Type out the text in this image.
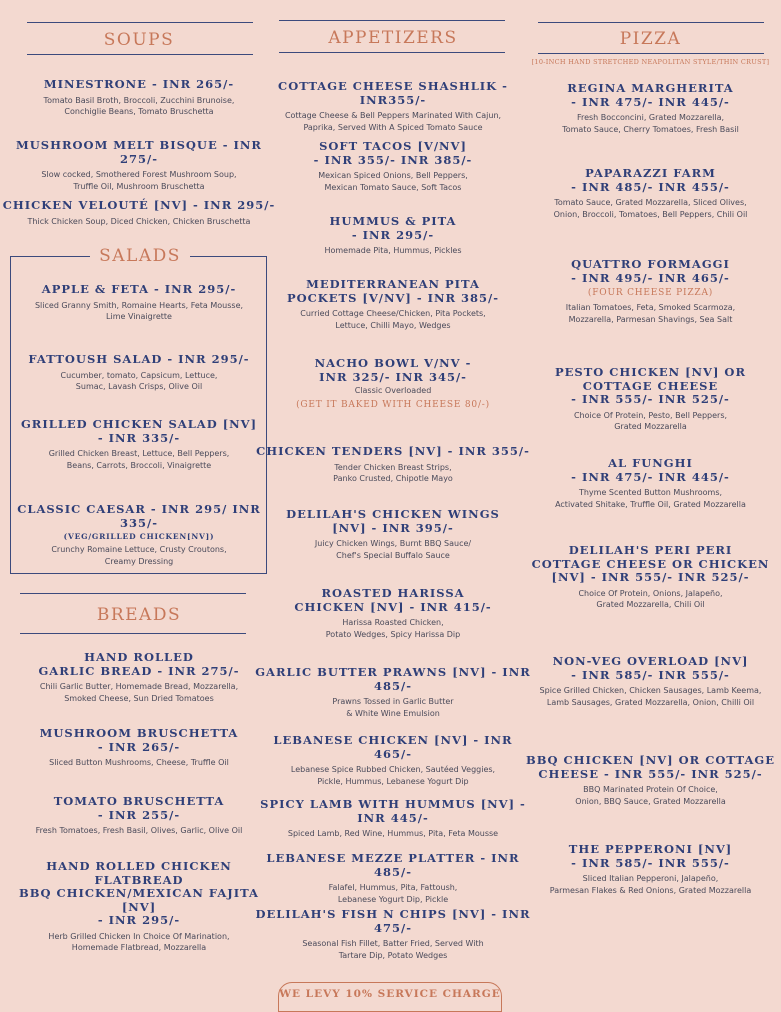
SOUPS
MINESTRONE - INR 265/-
Tomato Basil Broth, Broccoli, Zucchini Brunoise,
Conchiglie Beans, Tomato Bruschetta
MUSHROOM MELT BISQUE - INR 275/-
Slow cocked, Smothered Forest Mushroom Soup,
Truffle Oil, Mushroom Bruschetta
CHICKEN VELOUTÉ [NV] - INR 295/-
Thick Chicken Soup, Diced Chicken, Chicken Bruschetta
SALADS
APPLE & FETA - INR 295/-
Sliced Granny Smith, Romaine Hearts, Feta Mousse,
Lime Vinaigrette
FATTOUSH SALAD - INR 295/-
Cucumber, tomato, Capsicum, Lettuce,
Sumac, Lavash Crisps, Olive Oil
GRILLED CHICKEN SALAD [NV]
- INR 335/-
Grilled Chicken Breast, Lettuce, Bell Peppers,
Beans, Carrots, Broccoli, Vinaigrette
CLASSIC CAESAR - INR 295/ INR 335/-
(VEG/GRILLED CHICKEN[NV])
Crunchy Romaine Lettuce, Crusty Croutons,
Creamy Dressing
BREADS
HAND ROLLED
GARLIC BREAD - INR 275/-
Chili Garlic Butter, Homemade Bread, Mozzarella,
Smoked Cheese, Sun Dried Tomatoes
MUSHROOM BRUSCHETTA
- INR 265/-
Sliced Button Mushrooms, Cheese, Truffle Oil
TOMATO BRUSCHETTA
- INR 255/-
Fresh Tomatoes, Fresh Basil, Olives, Garlic, Olive Oil
HAND ROLLED CHICKEN FLATBREAD
BBQ CHICKEN/MEXICAN FAJITA [NV]
- INR 295/-
Herb Grilled Chicken In Choice Of Marination,
Homemade Flatbread, Mozzarella
APPETIZERS
COTTAGE CHEESE SHASHLIK - INR355/-
Cottage Cheese & Bell Peppers Marinated With Cajun,
Paprika, Served With A Spiced Tomato Sauce
SOFT TACOS [V/NV]
- INR 355/- INR 385/-
Mexican Spiced Onions, Bell Peppers,
Mexican Tomato Sauce, Soft Tacos
HUMMUS & PITA
- INR 295/-
Homemade Pita, Hummus, Pickles
MEDITERRANEAN PITA
POCKETS [V/NV] - INR 385/-
Curried Cottage Cheese/Chicken, Pita Pockets,
Lettuce, Chilli Mayo, Wedges
NACHO BOWL V/NV -
INR 325/- INR 345/-
Classic Overloaded
(GET IT BAKED WITH CHEESE 80/-)
CHICKEN TENDERS [NV] - INR 355/-
Tender Chicken Breast Strips,
Panko Crusted, Chipotle Mayo
DELILAH'S CHICKEN WINGS
[NV] - INR 395/-
Juicy Chicken Wings, Burnt BBQ Sauce/
Chef's Special Buffalo Sauce
ROASTED HARISSA
CHICKEN [NV] - INR 415/-
Harissa Roasted Chicken,
Potato Wedges, Spicy Harissa Dip
GARLIC BUTTER PRAWNS [NV] - INR 485/-
Prawns Tossed in Garlic Butter
& White Wine Emulsion
LEBANESE CHICKEN [NV] - INR 465/-
Lebanese Spice Rubbed Chicken, Sautéed Veggies,
Pickle, Hummus, Lebanese Yogurt Dip
SPICY LAMB WITH HUMMUS [NV] - INR 445/-
Spiced Lamb, Red Wine, Hummus, Pita, Feta Mousse
LEBANESE MEZZE PLATTER - INR 485/-
Falafel, Hummus, Pita, Fattoush,
Lebanese Yogurt Dip, Pickle
DELILAH'S FISH N CHIPS [NV] - INR 475/-
Seasonal Fish Fillet, Batter Fried, Served With
Tartare Dip, Potato Wedges
PIZZA
[10-INCH HAND STRETCHED NEAPOLITAN STYLE/THIN CRUST]
REGINA MARGHERITA
- INR 475/- INR 445/-
Fresh Bocconcini, Grated Mozzarella,
Tomato Sauce, Cherry Tomatoes, Fresh Basil
PAPARAZZI FARM
- INR 485/- INR 455/-
Tomato Sauce, Grated Mozzarella, Sliced Olives,
Onion, Broccoli, Tomatoes, Bell Peppers, Chili Oil
QUATTRO FORMAGGI
- INR 495/- INR 465/-
(FOUR CHEESE PIZZA)
Italian Tomatoes, Feta, Smoked Scarmoza,
Mozzarella, Parmesan Shavings, Sea Salt
PESTO CHICKEN [NV] OR
COTTAGE CHEESE
- INR 555/- INR 525/-
Choice Of Protein, Pesto, Bell Peppers,
Grated Mozzarella
AL FUNGHI
- INR 475/- INR 445/-
Thyme Scented Button Mushrooms,
Activated Shitake, Truffle Oil, Grated Mozzarella
DELILAH'S PERI PERI
COTTAGE CHEESE OR CHICKEN
[NV] - INR 555/- INR 525/-
Choice Of Protein, Onions, Jalapeño,
Grated Mozzarella, Chili Oil
NON-VEG OVERLOAD [NV]
- INR 585/- INR 555/-
Spice Grilled Chicken, Chicken Sausages, Lamb Keema,
Lamb Sausages, Grated Mozzarella, Onion, Chilli Oil
BBQ CHICKEN [NV] OR COTTAGE
CHEESE - INR 555/- INR 525/-
BBQ Marinated Protein Of Choice,
Onion, BBQ Sauce, Grated Mozzarella
THE PEPPERONI [NV]
- INR 585/- INR 555/-
Sliced Italian Pepperoni, Jalapeño,
Parmesan Flakes & Red Onions, Grated Mozzarella
WE LEVY 10% SERVICE CHARGE
